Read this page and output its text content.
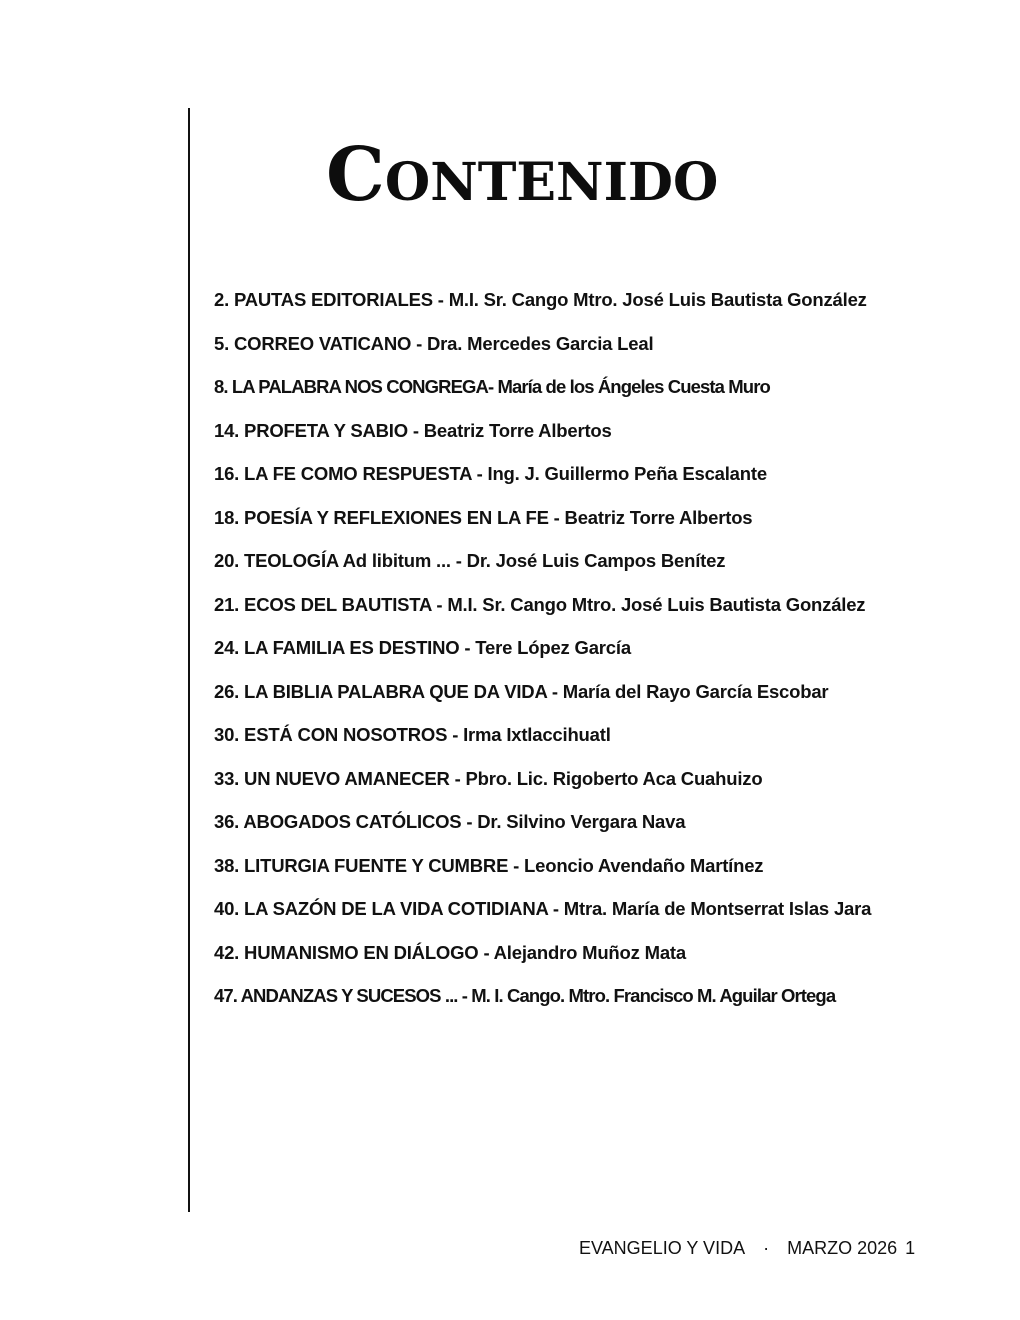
Contenido
2. PAUTAS EDITORIALES - M.I. Sr. Cango Mtro. José Luis Bautista González
5. CORREO VATICANO - Dra. Mercedes Garcia Leal
8. LA PALABRA NOS CONGREGA- María de los Ángeles Cuesta Muro
14. PROFETA Y SABIO - Beatriz Torre Albertos
16. LA FE COMO RESPUESTA - Ing. J. Guillermo Peña Escalante
18. POESÍA Y REFLEXIONES EN LA FE - Beatriz Torre Albertos
20. TEOLOGÍA Ad libitum ... - Dr. José Luis Campos Benítez
21. ECOS DEL BAUTISTA - M.I. Sr. Cango Mtro. José Luis Bautista González
24. LA FAMILIA ES DESTINO - Tere López García
26. LA BIBLIA PALABRA QUE DA VIDA - María del Rayo García Escobar
30. ESTÁ CON NOSOTROS - Irma Ixtlaccihuatl
33. UN NUEVO AMANECER - Pbro. Lic. Rigoberto Aca Cuahuizo
36. ABOGADOS CATÓLICOS - Dr. Silvino Vergara Nava
38. LITURGIA FUENTE Y CUMBRE - Leoncio Avendaño Martínez
40. LA SAZÓN DE LA VIDA COTIDIANA - Mtra. María de Montserrat Islas Jara
42. HUMANISMO EN DIÁLOGO - Alejandro Muñoz Mata
47. ANDANZAS Y SUCESOS ... - M. I. Cango. Mtro. Francisco M. Aguilar Ortega
EVANGELIO Y VIDA · MARZO 2026 1
